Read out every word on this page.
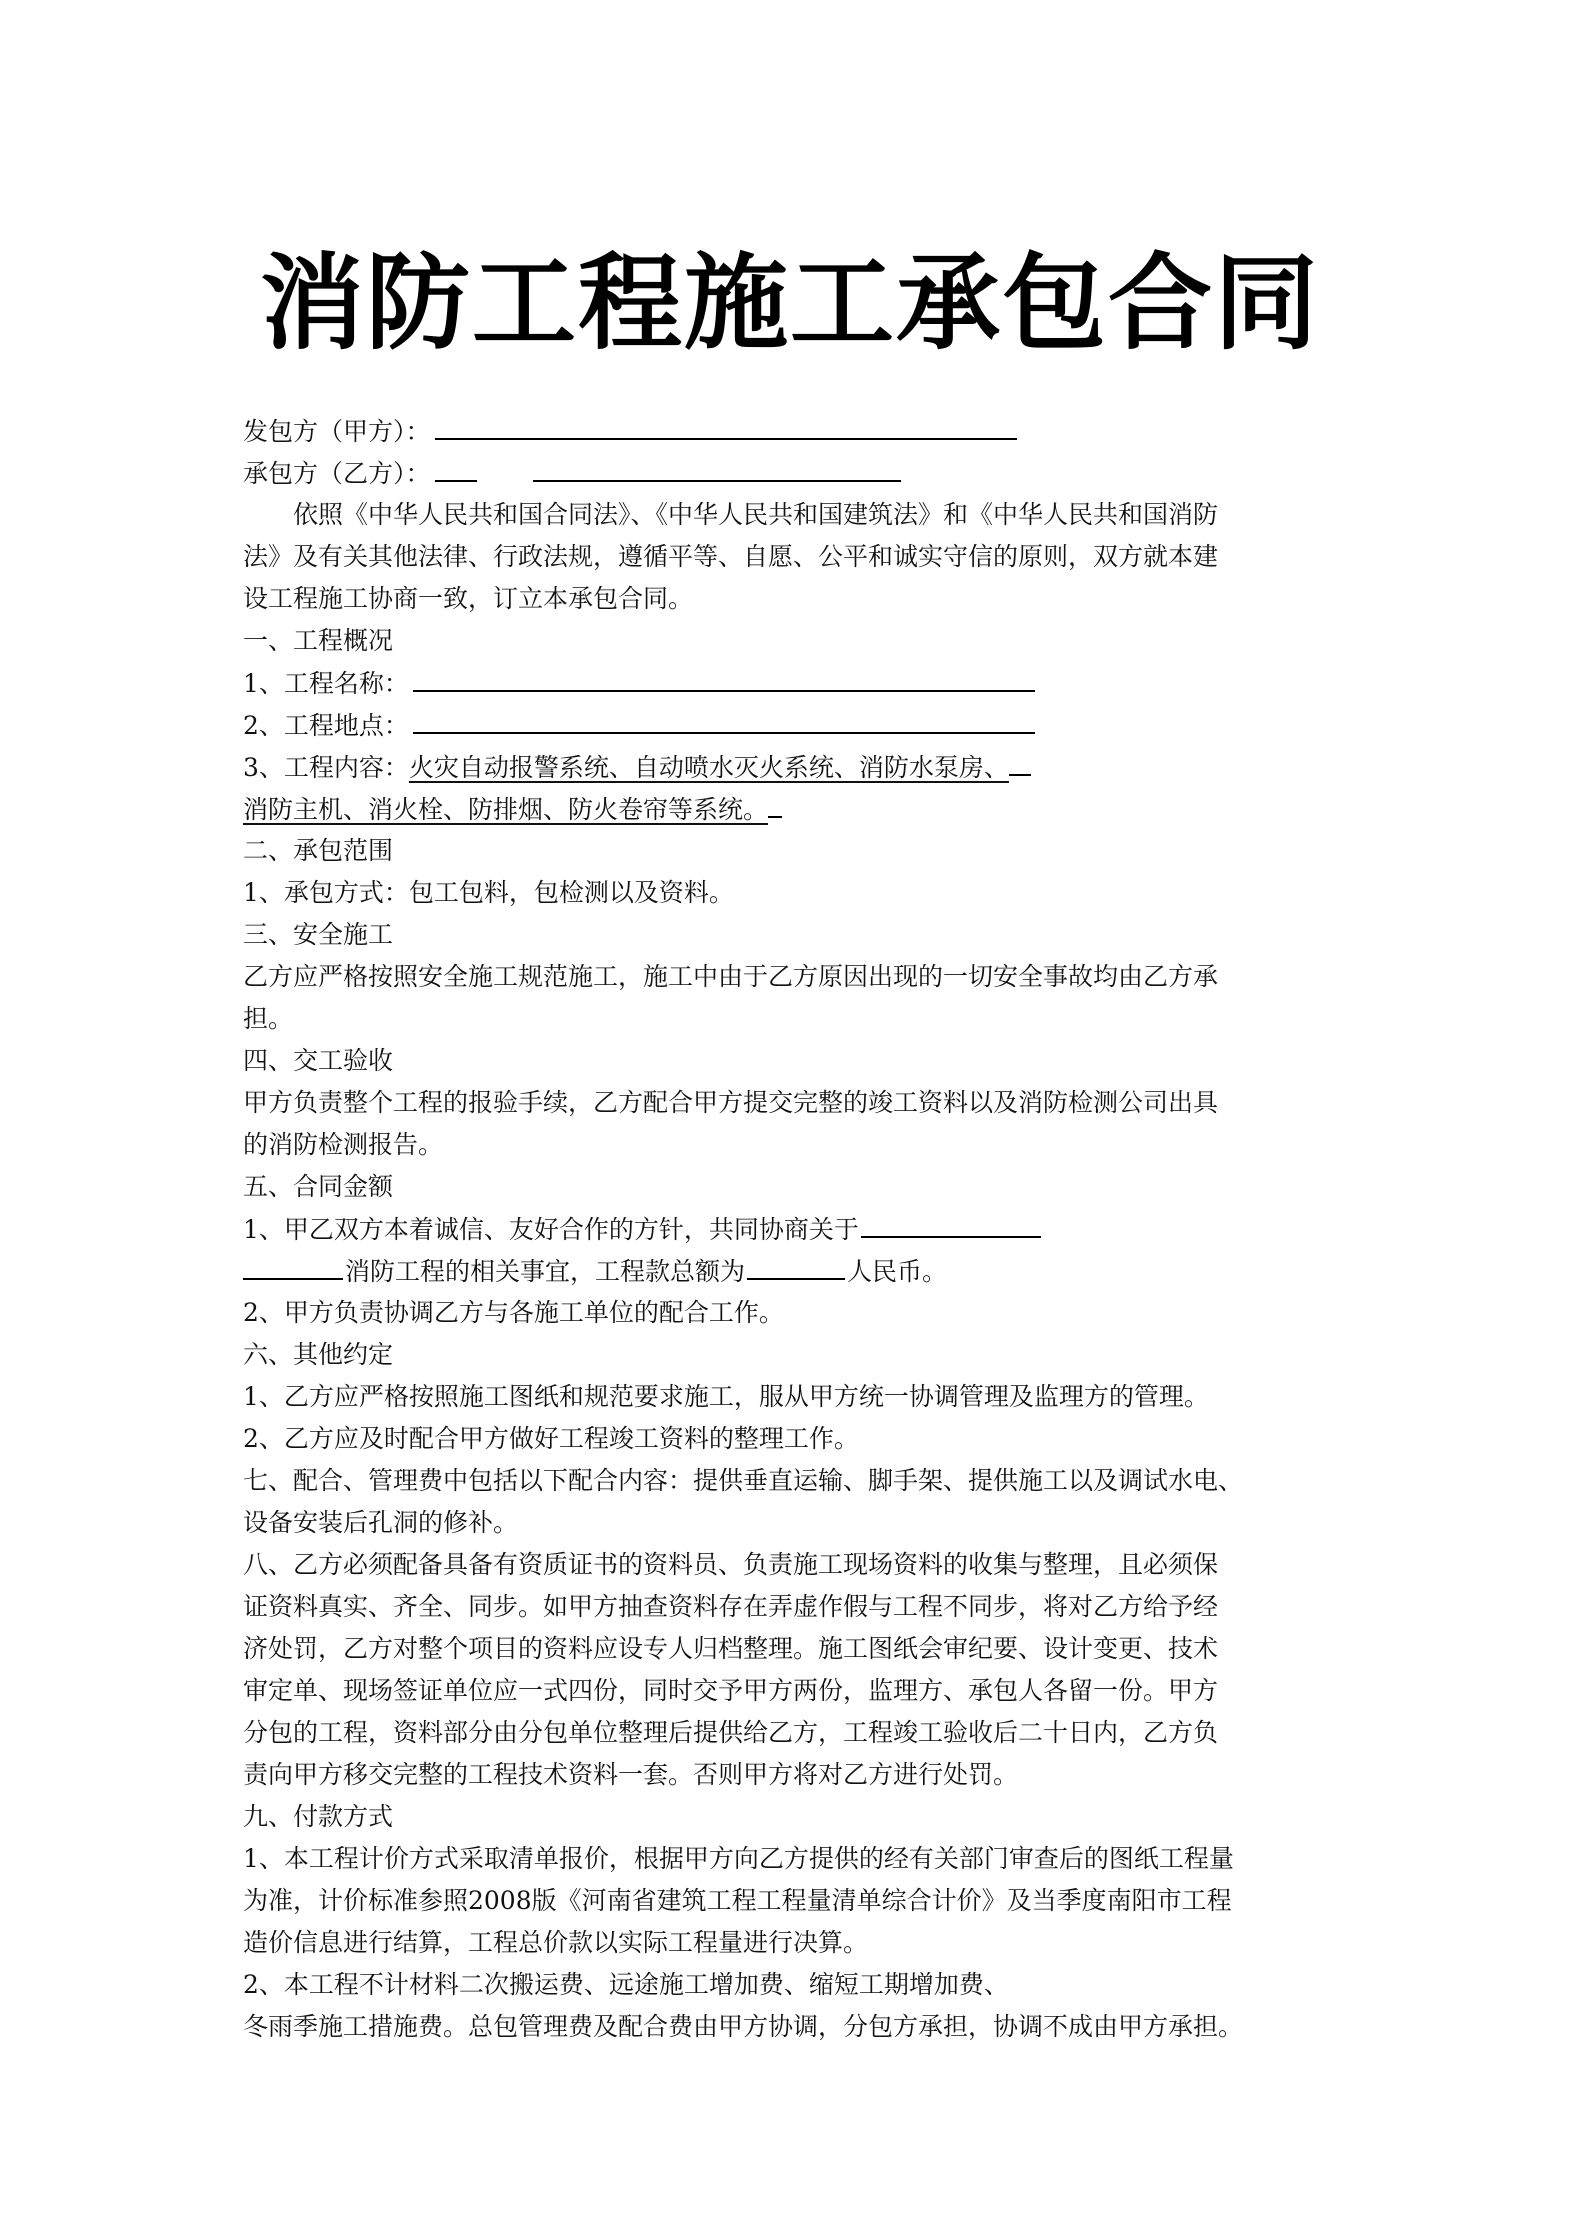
消防工程施工承包合同
发包方（甲方）：
承包方（乙方）：
依照《中华人民共和国合同法》、《中华人民共和国建筑法》和《中华人民共和国消防
法》及有关其他法律、行政法规，遵循平等、自愿、公平和诚实守信的原则，双方就本建
设工程施工协商一致，订立本承包合同。
一、工程概况
1、工程名称：
2、工程地点：
3、工程内容：火灾自动报警系统、自动喷水灭火系统、消防水泵房、
消防主机、消火栓、防排烟、防火卷帘等系统。
二、承包范围
1、承包方式：包工包料，包检测以及资料。
三、安全施工
乙方应严格按照安全施工规范施工，施工中由于乙方原因出现的一切安全事故均由乙方承
担。
四、交工验收
甲方负责整个工程的报验手续，乙方配合甲方提交完整的竣工资料以及消防检测公司出具
的消防检测报告。
五、合同金额
1、甲乙双方本着诚信、友好合作的方针，共同协商关于
消防工程的相关事宜，工程款总额为	人民币。
2、甲方负责协调乙方与各施工单位的配合工作。
六、其他约定
1、乙方应严格按照施工图纸和规范要求施工，服从甲方统一协调管理及监理方的管理。
2、乙方应及时配合甲方做好工程竣工资料的整理工作。
七、配合、管理费中包括以下配合内容：提供垂直运输、脚手架、提供施工以及调试水电、
设备安装后孔洞的修补。
八、乙方必须配备具备有资质证书的资料员、负责施工现场资料的收集与整理，且必须保
证资料真实、齐全、同步。如甲方抽查资料存在弄虚作假与工程不同步，将对乙方给予经
济处罚，乙方对整个项目的资料应设专人归档整理。施工图纸会审纪要、设计变更、技术
审定单、现场签证单位应一式四份，同时交予甲方两份，监理方、承包人各留一份。甲方
分包的工程，资料部分由分包单位整理后提供给乙方，工程竣工验收后二十日内，乙方负
责向甲方移交完整的工程技术资料一套。否则甲方将对乙方进行处罚。
九、付款方式
1、本工程计价方式采取清单报价，根据甲方向乙方提供的经有关部门审查后的图纸工程量
为准，计价标准参照2008版《河南省建筑工程工程量清单综合计价》及当季度南阳市工程
造价信息进行结算，工程总价款以实际工程量进行决算。
2、本工程不计材料二次搬运费、远途施工增加费、缩短工期增加费、
冬雨季施工措施费。总包管理费及配合费由甲方协调，分包方承担，协调不成由甲方承担。
